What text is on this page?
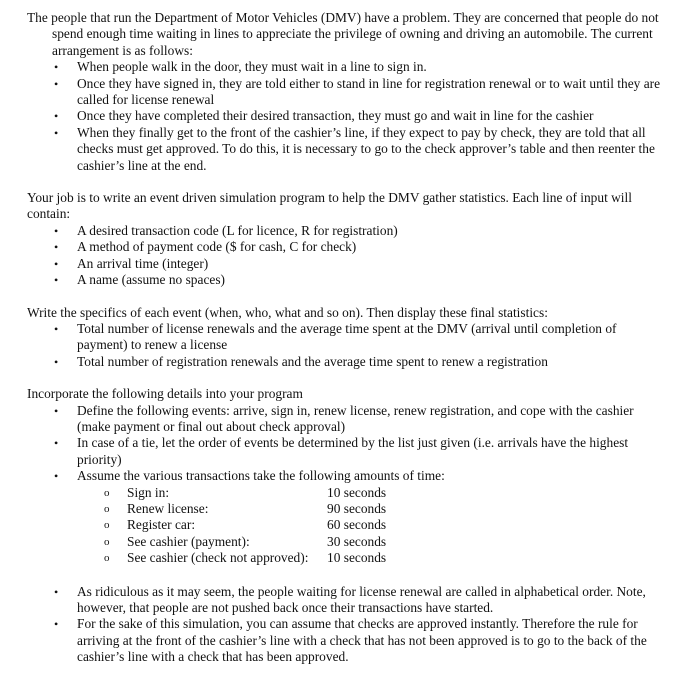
The people that run the Department of Motor Vehicles (DMV) have a problem. They are concerned that people do not spend enough time waiting in lines to appreciate the privilege of owning and driving an automobile. The current arrangement is as follows:

• When people walk in the door, they must wait in a line to sign in.
• Once they have signed in, they are told either to stand in line for registration renewal or to wait until they are called for license renewal
• Once they have completed their desired transaction, they must go and wait in line for the cashier
• When they finally get to the front of the cashier’s line, if they expect to pay by check, they are told that all checks must get approved. To do this, it is necessary to go to the check approver’s table and then reenter the cashier’s line at the end.

Your job is to write an event driven simulation program to help the DMV gather statistics. Each line of input will contain:

• A desired transaction code (L for licence, R for registration)
• A method of payment code ($ for cash, C for check)
• An arrival time (integer)
• A name (assume no spaces)

Write the specifics of each event (when, who, what and so on). Then display these final statistics:

• Total number of license renewals and the average time spent at the DMV (arrival until completion of payment) to renew a license
• Total number of registration renewals and the average time spent to renew a registration

Incorporate the following details into your program

• Define the following events: arrive, sign in, renew license, renew registration, and cope with the cashier (make payment or final out about check approval)
• In case of a tie, let the order of events be determined by the list just given (i.e. arrivals have the highest priority)
• Assume the various transactions take the following amounts of time:
o Sign in:	10 seconds
o Renew license:	90 seconds
o Register car:	60 seconds
o See cashier (payment):	30 seconds
o See cashier (check not approved): 10 seconds
• As ridiculous as it may seem, the people waiting for license renewal are called in alphabetical order. Note, however, that people are not pushed back once their transactions have started.
• For the sake of this simulation, you can assume that checks are approved instantly. Therefore the rule for arriving at the front of the cashier’s line with a check that has not been approved is to go to the back of the cashier’s line with a check that has been approved.
